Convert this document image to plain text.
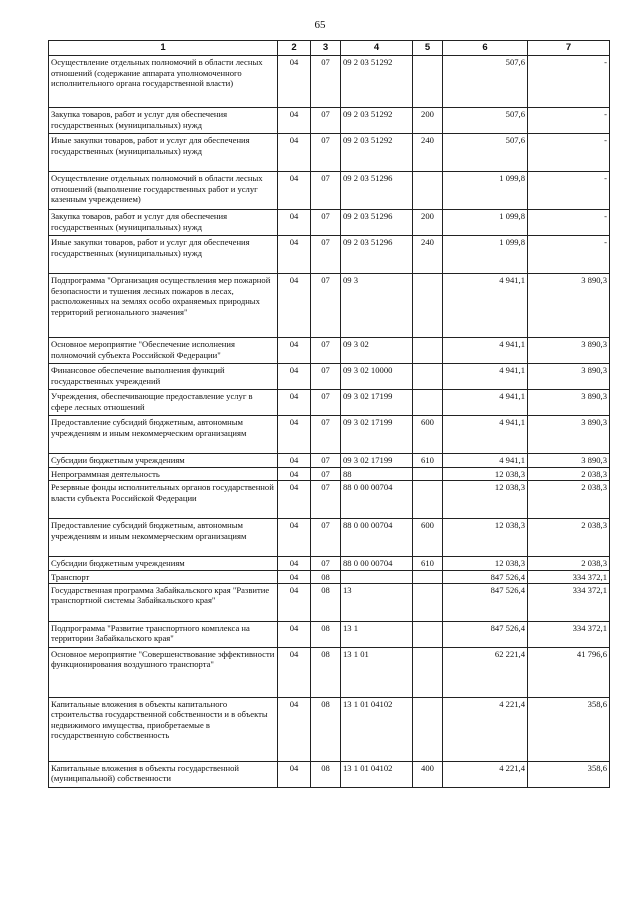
65
1	2	3	4	5	6	7
Осуществление отдельных полномочий в области лесных отношений (содержание аппарата уполномоченного исполнительного органа государственной власти)	04	07	09 2 03 51292		507,6	-
Закупка товаров, работ и услуг для обеспечения государственных (муниципальных) нужд	04	07	09 2 03 51292	200	507,6	-
Иные закупки товаров, работ и услуг для обеспечения государственных (муниципальных) нужд	04	07	09 2 03 51292	240	507,6	-
Осуществление отдельных полномочий в области лесных отношений (выполнение государственных работ и услуг казенным учреждением)	04	07	09 2 03 51296		1 099,8	-
Закупка товаров, работ и услуг для обеспечения государственных (муниципальных) нужд	04	07	09 2 03 51296	200	1 099,8	-
Иные закупки товаров, работ и услуг для обеспечения государственных (муниципальных) нужд	04	07	09 2 03 51296	240	1 099,8	-
Подпрограмма "Организация осуществления мер пожарной безопасности и тушения лесных пожаров в лесах, расположенных на землях особо охраняемых природных территорий регионального значения"	04	07	09 3		4 941,1	3 890,3
Основное мероприятие "Обеспечение исполнения полномочий субъекта Российской Федерации"	04	07	09 3 02		4 941,1	3 890,3
Финансовое обеспечение выполнения функций государственных учреждений	04	07	09 3 02 10000		4 941,1	3 890,3
Учреждения, обеспечивающие предоставление услуг в сфере лесных отношений	04	07	09 3 02 17199		4 941,1	3 890,3
Предоставление субсидий бюджетным, автономным учреждениям и иным некоммерческим организациям	04	07	09 3 02 17199	600	4 941,1	3 890,3
Субсидии бюджетным учреждениям	04	07	09 3 02 17199	610	4 941,1	3 890,3
Непрограммная деятельность	04	07	88		12 038,3	2 038,3
Резервные фонды исполнительных органов государственной власти субъекта Российской Федерации	04	07	88 0 00 00704		12 038,3	2 038,3
Предоставление субсидий бюджетным, автономным учреждениям и иным некоммерческим организациям	04	07	88 0 00 00704	600	12 038,3	2 038,3
Субсидии бюджетным учреждениям	04	07	88 0 00 00704	610	12 038,3	2 038,3
Транспорт	04	08			847 526,4	334 372,1
Государственная программа Забайкальского края "Развитие транспортной системы Забайкальского края"	04	08	13		847 526,4	334 372,1
Подпрограмма "Развитие транспортного комплекса на территории Забайкальского края"	04	08	13 1		847 526,4	334 372,1
Основное мероприятие "Совершенствование эффективности функционирования воздушного транспорта"	04	08	13 1 01		62 221,4	41 796,6
Капитальные вложения в объекты капитального строительства государственной собственности и в объекты недвижимого имущества, приобретаемые в государственную собственность	04	08	13 1 01 04102		4 221,4	358,6
Капитальные вложения в объекты государственной (муниципальной) собственности	04	08	13 1 01 04102	400	4 221,4	358,6
